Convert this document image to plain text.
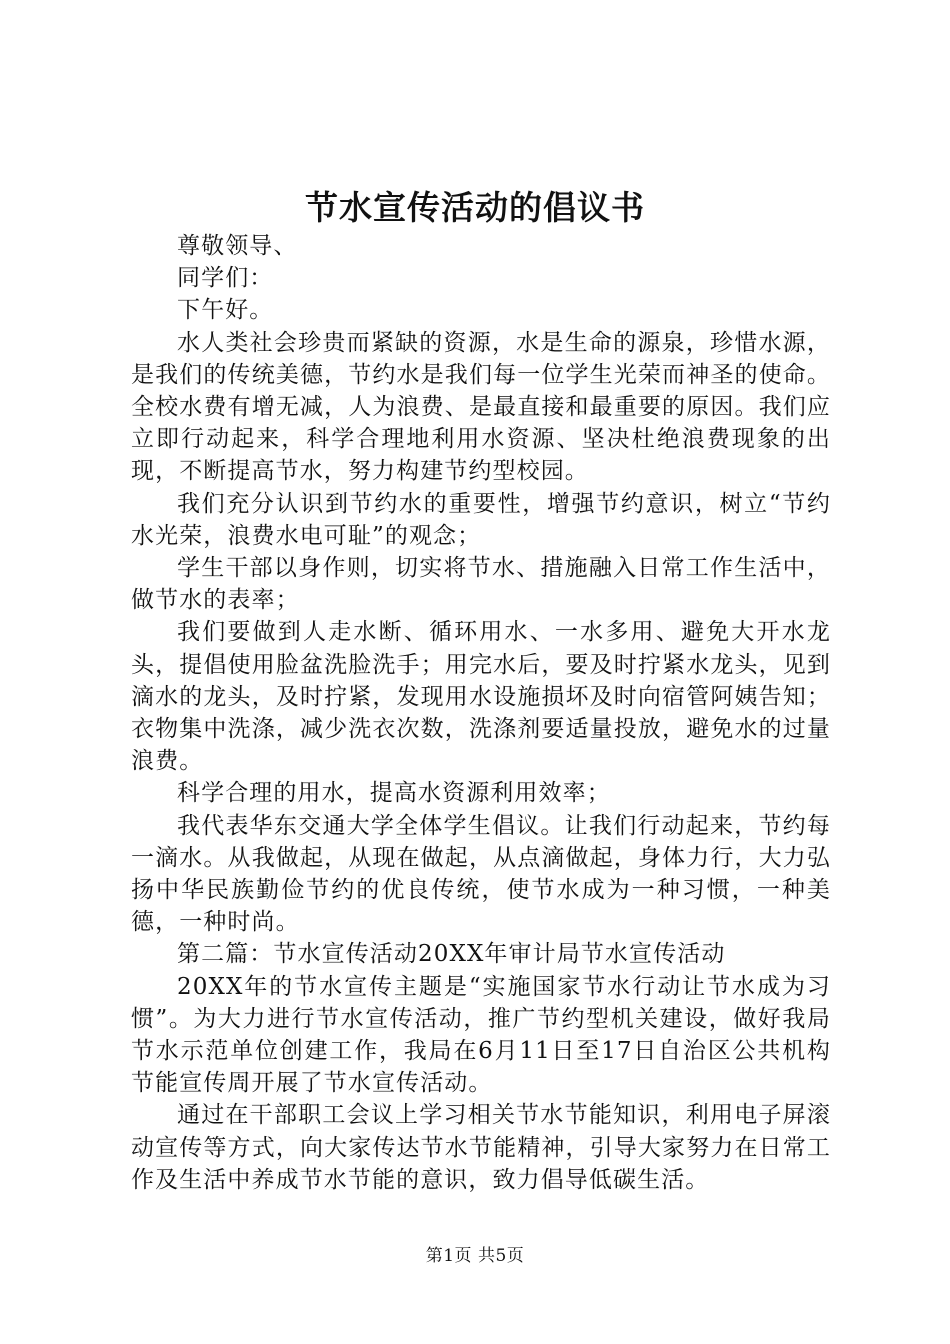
节水宣传活动的倡议书

尊敬领导、

同学们：

下午好。

水人类社会珍贵而紧缺的资源，水是生命的源泉，珍惜水源，是我们的传统美德，节约水是我们每一位学生光荣而神圣的使命。全校水费有增无减，人为浪费、是最直接和最重要的原因。我们应立即行动起来，科学合理地利用水资源、坚决杜绝浪费现象的出现，不断提高节水，努力构建节约型校园。

我们充分认识到节约水的重要性，增强节约意识，树立“节约水光荣，浪费水电可耻”的观念；

学生干部以身作则，切实将节水、措施融入日常工作生活中，做节水的表率；

我们要做到人走水断、循环用水、一水多用、避免大开水龙头，提倡使用脸盆洗脸洗手；用完水后，要及时拧紧水龙头，见到滴水的龙头，及时拧紧，发现用水设施损坏及时向宿管阿姨告知；衣物集中洗涤，减少洗衣次数，洗涤剂要适量投放，避免水的过量浪费。

科学合理的用水，提高水资源利用效率；

我代表华东交通大学全体学生倡议。让我们行动起来，节约每一滴水。从我做起，从现在做起，从点滴做起，身体力行，大力弘扬中华民族勤俭节约的优良传统，使节水成为一种习惯，一种美德，一种时尚。

第二篇：节水宣传活动20XX年审计局节水宣传活动

20XX年的节水宣传主题是“实施国家节水行动让节水成为习惯”。为大力进行节水宣传活动，推广节约型机关建设，做好我局节水示范单位创建工作，我局在6月11日至17日自治区公共机构节能宣传周开展了节水宣传活动。

通过在干部职工会议上学习相关节水节能知识，利用电子屏滚动宣传等方式，向大家传达节水节能精神，引导大家努力在日常工作及生活中养成节水节能的意识，致力倡导低碳生活。

第1页 共5页
